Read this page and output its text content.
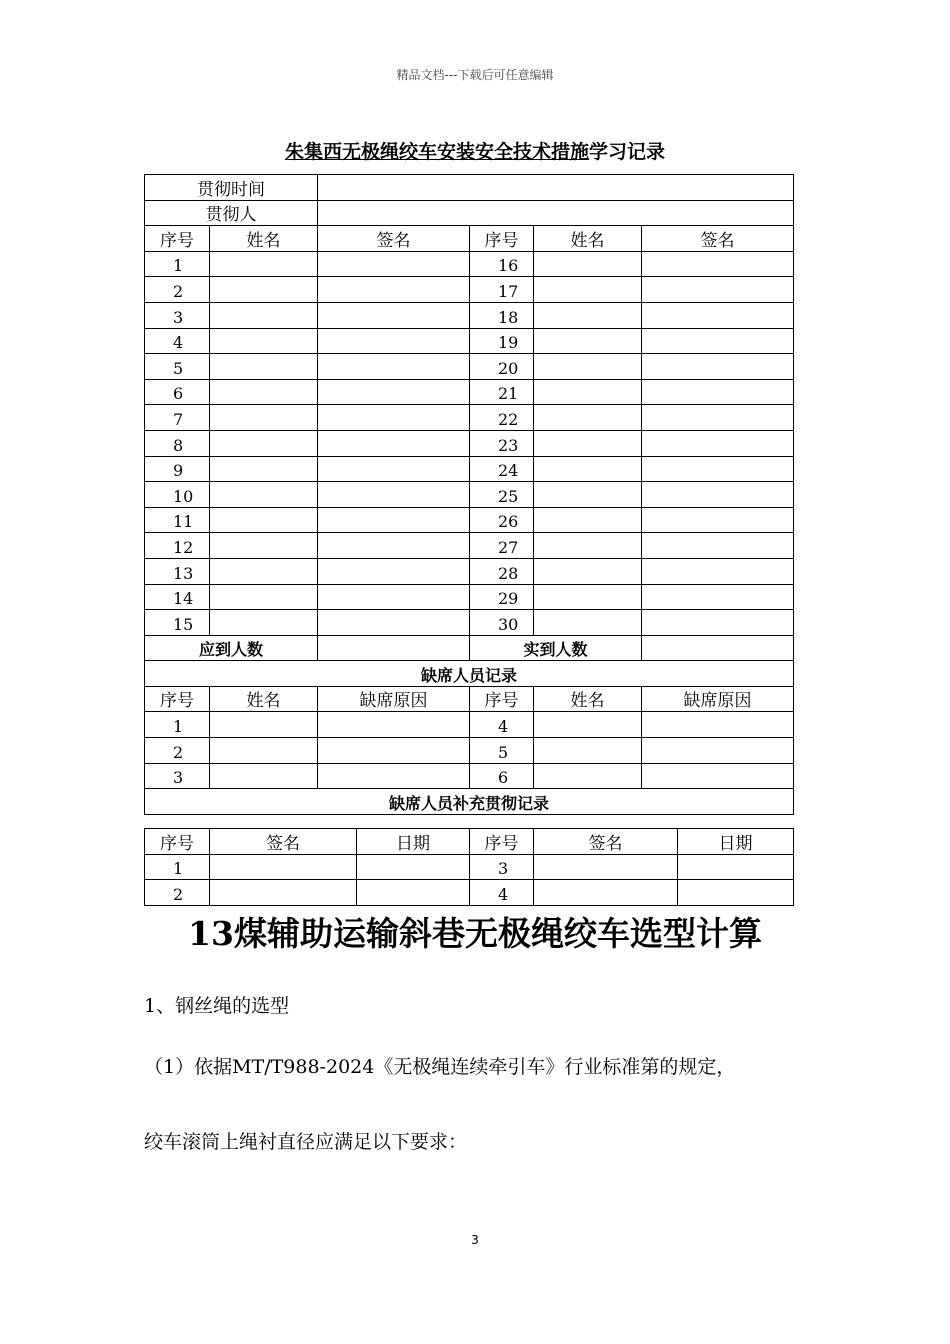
精品文档---下载后可任意编辑
朱集西无极绳绞车安装安全技术措施学习记录
贯彻时间					
贯彻人					
序号	姓名	签名	序号	姓名	签名
1			16		
2			17		
3			18		
4			19		
5			20		
6			21		
7			22		
8			23		
9			24		
10			25		
11			26		
12			27		
13			28		
14			29		
15			30		
应到人数			实到人数		
缺席人员记录					
序号	姓名	缺席原因	序号	姓名	缺席原因
1			4		
2			5		
3			6		
缺席人员补充贯彻记录					
序号	签名	日期	序号	签名	日期
1			3		
2			4		
13煤辅助运输斜巷无极绳绞车选型计算
1、钢丝绳的选型
（1）依据MT/T988-2024《无极绳连续牵引车》行业标准第的规定，
绞车滚筒上绳衬直径应满足以下要求：
3
